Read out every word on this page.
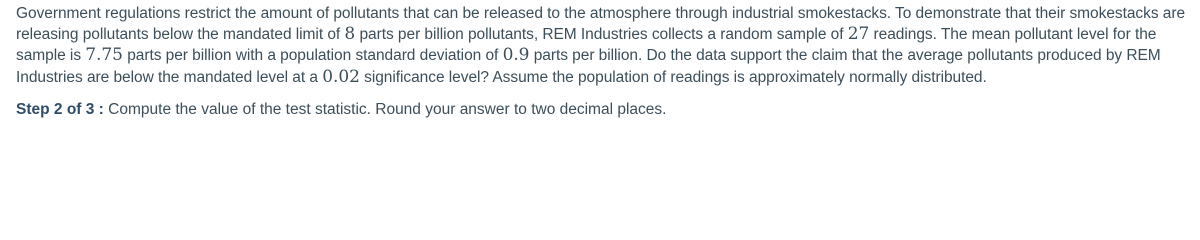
Government regulations restrict the amount of pollutants that can be released to the atmosphere through industrial smokestacks. To demonstrate that their smokestacks are releasing pollutants below the mandated limit of 8 parts per billion pollutants, REM Industries collects a random sample of 27 readings. The mean pollutant level for the sample is 7.75 parts per billion with a population standard deviation of 0.9 parts per billion. Do the data support the claim that the average pollutants produced by REM Industries are below the mandated level at a 0.02 significance level? Assume the population of readings is approximately normally distributed.

Step 2 of 3 : Compute the value of the test statistic. Round your answer to two decimal places.
